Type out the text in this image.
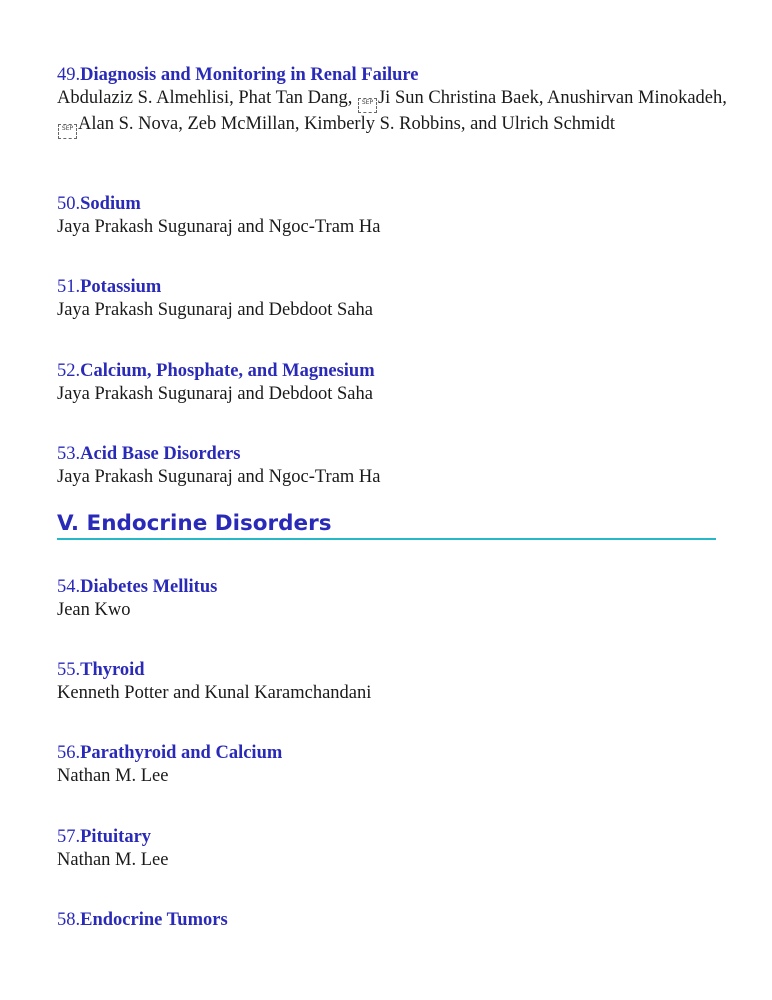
49.Diagnosis and Monitoring in Renal Failure
Abdulaziz S. Almehlisi, Phat Tan Dang, SEP Ji Sun Christina Baek, Anushirvan Minokadeh, SEP Alan S. Nova, Zeb McMillan, Kimberly S. Robbins, and Ulrich Schmidt
50.Sodium
Jaya Prakash Sugunaraj and Ngoc-Tram Ha
51.Potassium
Jaya Prakash Sugunaraj and Debdoot Saha
52.Calcium, Phosphate, and Magnesium
Jaya Prakash Sugunaraj and Debdoot Saha
53.Acid Base Disorders
Jaya Prakash Sugunaraj and Ngoc-Tram Ha
V. Endocrine Disorders
54.Diabetes Mellitus
Jean Kwo
55.Thyroid
Kenneth Potter and Kunal Karamchandani
56.Parathyroid and Calcium
Nathan M. Lee
57.Pituitary
Nathan M. Lee
58.Endocrine Tumors
